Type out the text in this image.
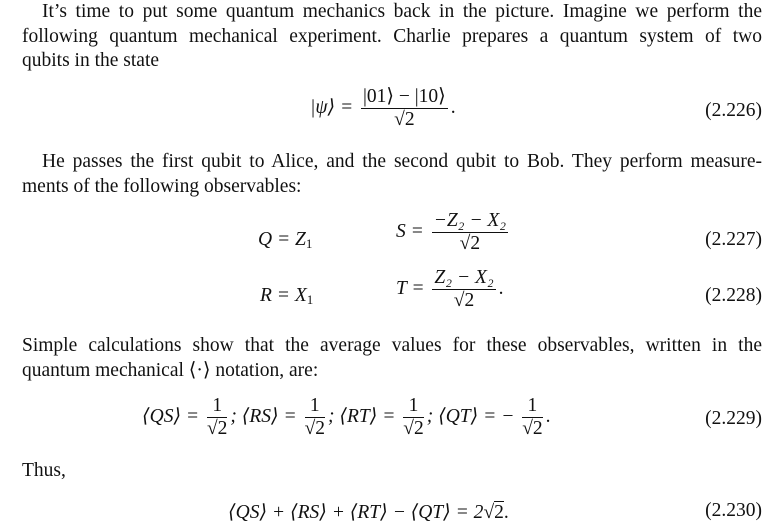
It’s time to put some quantum mechanics back in the picture. Imagine we perform the
following quantum mechanical experiment. Charlie prepares a quantum system of two
qubits in the state
|ψ⟩ = $\frac{|01⟩ - |10⟩}{√2}$ .	(2.226)
He passes the first qubit to Alice, and the second qubit to Bob. They perform measure-
ments of the following observables:
$Q = Z_1$
$S = \frac{\text{−Z₂ − X₂}}{√2}$	(2.227)
$R = X_1$
$T = \frac{\text{Z₂ − X₂}}{√2}$ .	(2.228)
Simple calculations show that the average values for these observables, written in the
quantum mechanical ⟨·⟩ notation, are:
⟨QS⟩ = $\frac{1}{√2}$ ; ⟨RS⟩ = $\frac{1}{√2}$ ; ⟨RT⟩ = $\frac{1}{√2}$ ; ⟨QT⟩ = − $\frac{1}{√2}$ .	(2.229)
Thus,
⟨QS⟩ + ⟨RS⟩ + ⟨RT⟩ − ⟨QT⟩ = 2√2.	(2.230)
